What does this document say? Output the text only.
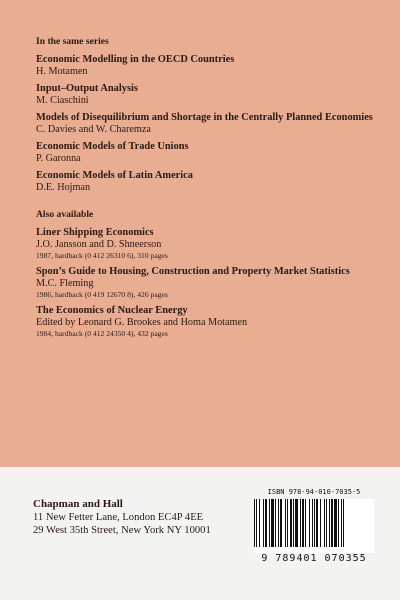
In the same series
Economic Modelling in the OECD Countries
H. Motamen
Input–Output Analysis
M. Ciaschini
Models of Disequilibrium and Shortage in the Centrally Planned Economies
C. Davies and W. Charemza
Economic Models of Trade Unions
P. Garonna
Economic Models of Latin America
D.E. Hojman
Also available
Liner Shipping Economics
J.O. Jansson and D. Shneerson
1987, hardback (0 412 26310 6), 310 pages
Spon’s Guide to Housing, Construction and Property Market Statistics
M.C. Fleming
1986, hardback (0 419 12670 8), 426 pages
The Economics of Nuclear Energy
Edited by Leonard G. Brookes and Homa Motamen
1984, hardback (0 412 24350 4), 432 pages
Chapman and Hall
11 New Fetter Lane, London EC4P 4EE
29 West 35th Street, New York NY 10001
ISBN 978-94-010-7035-5
9 789401 070355
